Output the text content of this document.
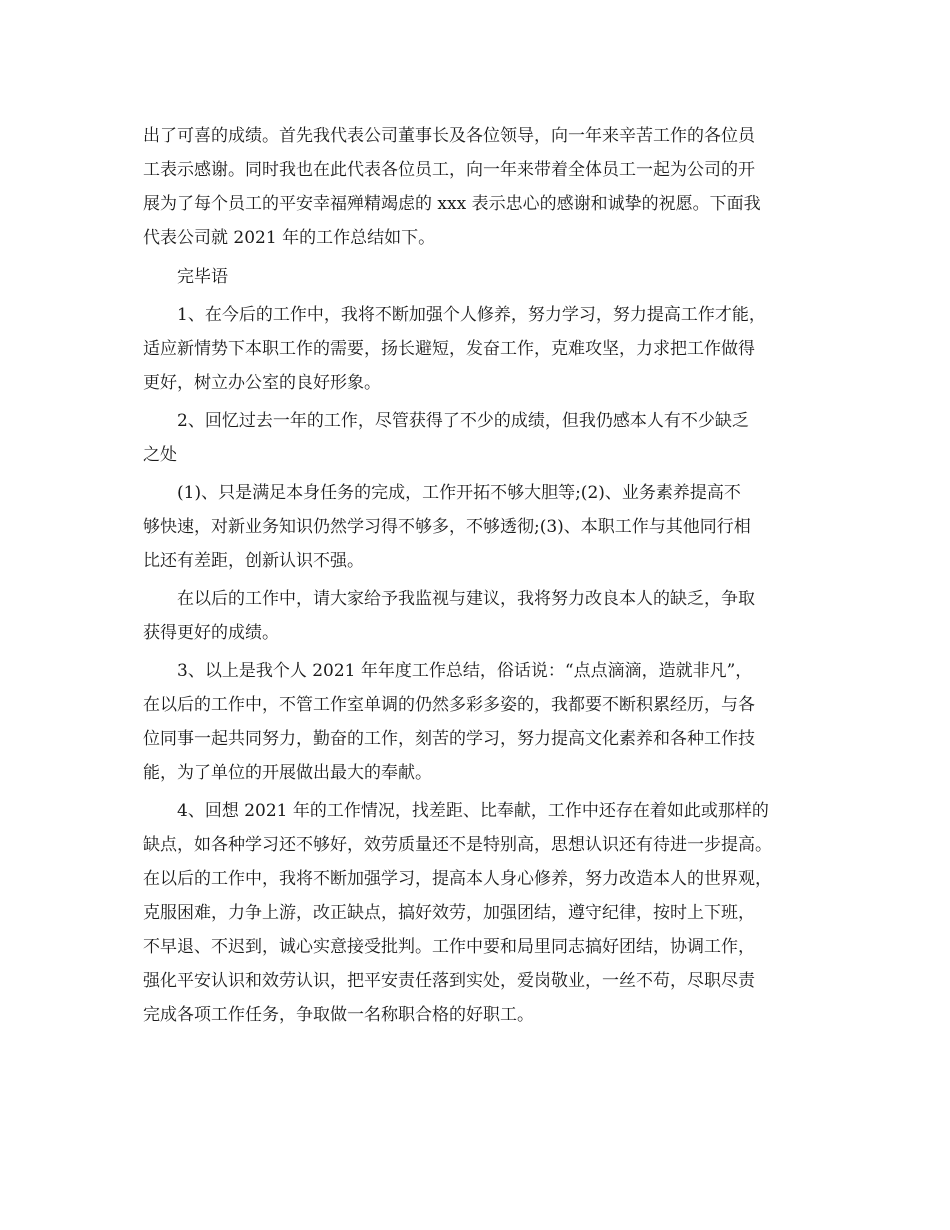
出了可喜的成绩。首先我代表公司董事长及各位领导，向一年来辛苦工作的各位员
工表示感谢。同时我也在此代表各位员工，向一年来带着全体员工一起为公司的开
展为了每个员工的平安幸福殚精竭虑的 xxx 表示忠心的感谢和诚挚的祝愿。下面我
代表公司就 2021 年的工作总结如下。
完毕语
1、在今后的工作中，我将不断加强个人修养，努力学习，努力提高工作才能，
适应新情势下本职工作的需要，扬长避短，发奋工作，克难攻坚，力求把工作做得
更好，树立办公室的良好形象。
2、回忆过去一年的工作，尽管获得了不少的成绩，但我仍感本人有不少缺乏
之处
(1)、只是满足本身任务的完成，工作开拓不够大胆等;(2)、业务素养提高不
够快速，对新业务知识仍然学习得不够多，不够透彻;(3)、本职工作与其他同行相
比还有差距，创新认识不强。
在以后的工作中，请大家给予我监视与建议，我将努力改良本人的缺乏，争取
获得更好的成绩。
3、以上是我个人 2021 年年度工作总结，俗话说：“点点滴滴，造就非凡”，
在以后的工作中，不管工作室单调的仍然多彩多姿的，我都要不断积累经历，与各
位同事一起共同努力，勤奋的工作，刻苦的学习，努力提高文化素养和各种工作技
能，为了单位的开展做出最大的奉献。
4、回想 2021 年的工作情况，找差距、比奉献，工作中还存在着如此或那样的
缺点，如各种学习还不够好，效劳质量还不是特别高，思想认识还有待进一步提高。
在以后的工作中，我将不断加强学习，提高本人身心修养，努力改造本人的世界观，
克服困难，力争上游，改正缺点，搞好效劳，加强团结，遵守纪律，按时上下班，
不早退、不迟到，诚心实意接受批判。工作中要和局里同志搞好团结，协调工作，
强化平安认识和效劳认识，把平安责任落到实处，爱岗敬业，一丝不苟，尽职尽责
完成各项工作任务，争取做一名称职合格的好职工。
